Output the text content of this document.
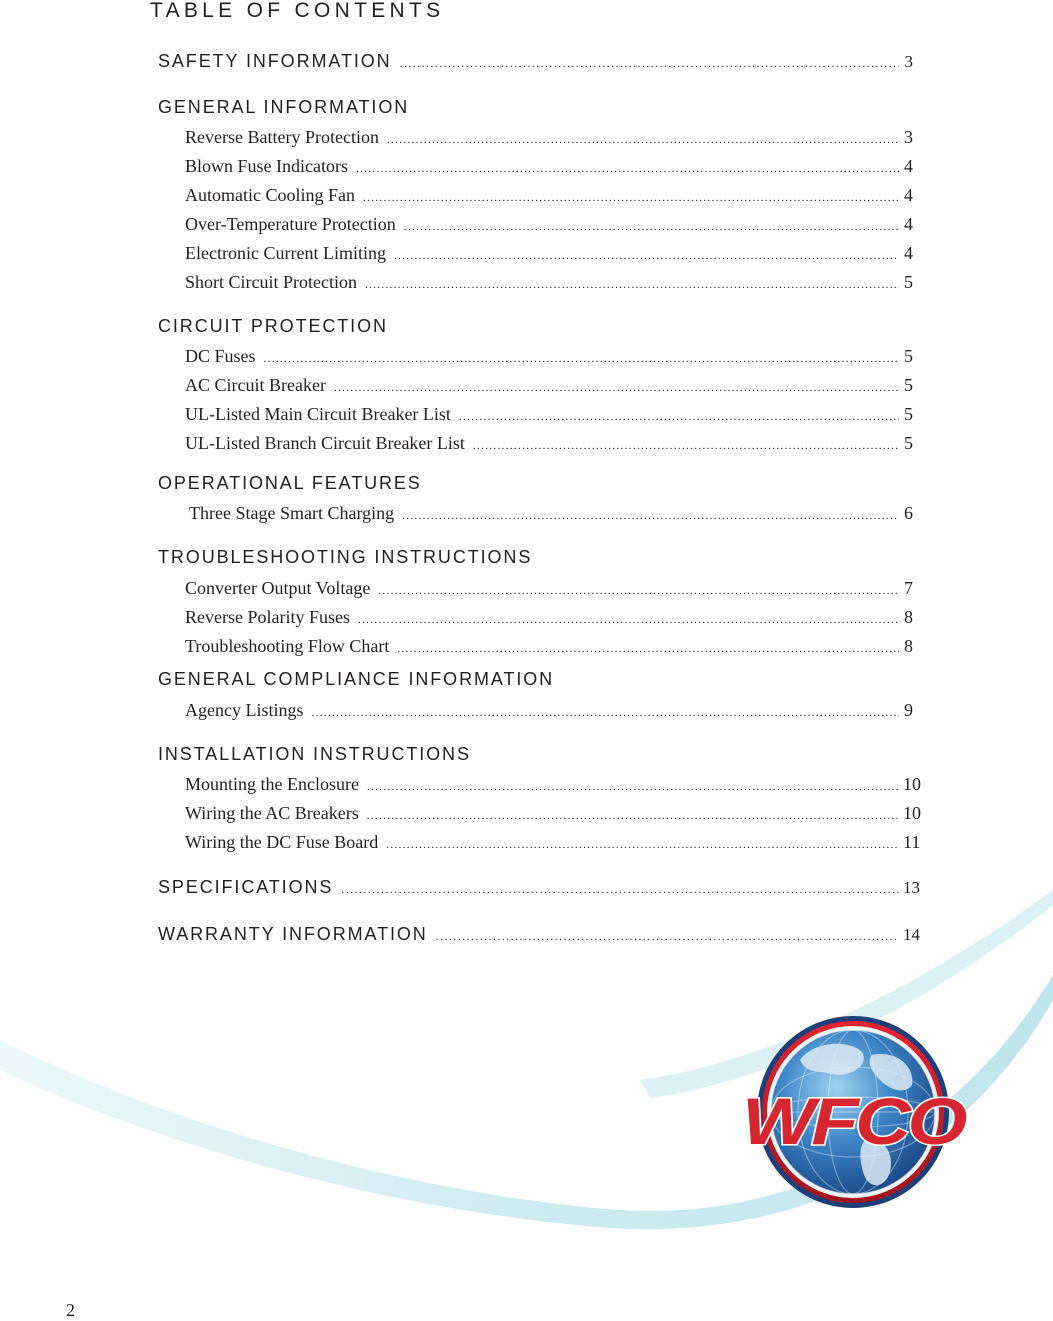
TABLE OF CONTENTS
SAFETY INFORMATION .....	3
GENERAL INFORMATION
Reverse Battery Protection .....	3
Blown Fuse Indicators .....	4
Automatic Cooling Fan .....	4
Over-Temperature Protection .....	4
Electronic Current Limiting .....	4
Short Circuit Protection .....	5
CIRCUIT PROTECTION
DC Fuses .....	5
AC Circuit Breaker .....	5
UL-Listed Main Circuit Breaker List .....	5
UL-Listed Branch Circuit Breaker List .....	5
OPERATIONAL FEATURES
Three Stage Smart Charging .....	6
TROUBLESHOOTING INSTRUCTIONS
Converter Output Voltage .....	7
Reverse Polarity Fuses .....	8
Troubleshooting Flow Chart .....	8
GENERAL COMPLIANCE INFORMATION
Agency Listings .....	9
INSTALLATION INSTRUCTIONS
Mounting the Enclosure .....	10
Wiring the AC Breakers .....	10
Wiring the DC Fuse Board .....	11
SPECIFICATIONS .....	13
WARRANTY INFORMATION .....	14
WFCO
2
